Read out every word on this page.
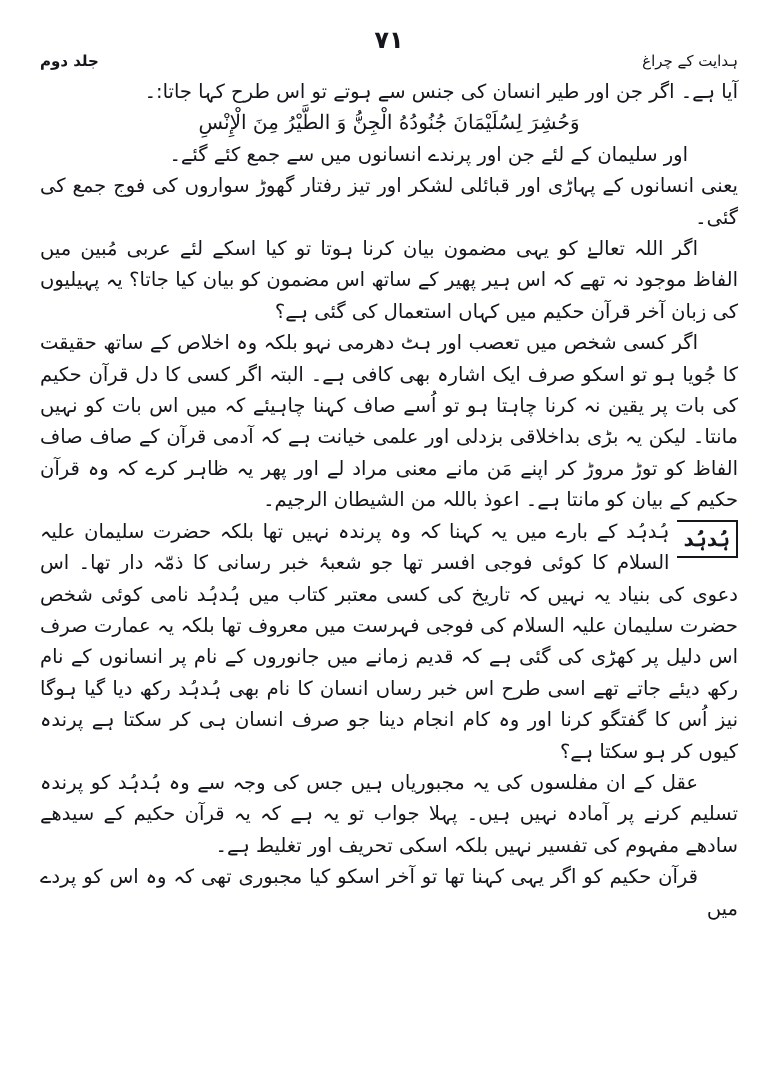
ہدایت کے چراغ
۷۱
جلد دوم

آیا ہے۔ اگر جن اور طیر انسان کی جنس سے ہوتے تو اس طرح کہا جاتا:۔

وَحُشِرَ لِسُلَيْمَانَ جُنُودُهُ الْجِنُّ وَ الطَّيْرُ مِنَ الْإِنْسِ

اور سلیمان کے لئے جن اور پرندے انسانوں میں سے جمع کئے گئے۔

یعنی انسانوں کے پہاڑی اور قبائلی لشکر اور تیز رفتار گھوڑ سواروں کی فوج جمع کی گئی۔

اگر اللہ تعالےٰ کو یہی مضمون بیان کرنا ہوتا تو کیا اسکے لئے عربی مُبین میں الفاظ موجود نہ تھے کہ اس ہیر پھیر کے ساتھ اس مضمون کو بیان کیا جاتا؟ یہ پہیلیوں کی زبان آخر قرآن حکیم میں کہاں استعمال کی گئی ہے؟

اگر کسی شخص میں تعصب اور ہٹ دھرمی نہو بلکہ وہ اخلاص کے ساتھ حقیقت کا جُویا ہو تو اسکو صرف ایک اشارہ بھی کافی ہے۔ البتہ اگر کسی کا دل قرآن حکیم کی بات پر یقین نہ کرنا چاہتا ہو تو اُسے صاف کہنا چاہیئے کہ میں اس بات کو نہیں مانتا۔ لیکن یہ بڑی بداخلاقی بزدلی اور علمی خیانت ہے کہ آدمی قرآن کے صاف صاف الفاظ کو توڑ مروڑ کر اپنے مَن مانے معنی مراد لے اور پھر یہ ظاہر کرے کہ وہ قرآن حکیم کے بیان کو مانتا ہے۔ اعوذ باللہ من الشیطان الرجیم۔

ہُدہُد

ہُدہُد کے بارے میں یہ کہنا کہ وہ پرندہ نہیں تھا بلکہ حضرت سلیمان علیہ السلام کا کوئی فوجی افسر تھا جو شعبۂ خبر رسانی کا ذمّہ دار تھا۔ اس دعوی کی بنیاد یہ نہیں کہ تاریخ کی کسی معتبر کتاب میں ہُدہُد نامی کوئی شخص حضرت سلیمان علیہ السلام کی فوجی فہرست میں معروف تھا بلکہ یہ عمارت صرف اس دلیل پر کھڑی کی گئی ہے کہ قدیم زمانے میں جانوروں کے نام پر انسانوں کے نام رکھ دیئے جاتے تھے اسی طرح اس خبر رساں انسان کا نام بھی ہُدہُد رکھ دیا گیا ہوگا نیز اُس کا گفتگو کرنا اور وہ کام انجام دینا جو صرف انسان ہی کر سکتا ہے پرندہ کیوں کر ہو سکتا ہے؟

عقل کے ان مفلسوں کی یہ مجبوریاں ہیں جس کی وجہ سے وہ ہُدہُد کو پرندہ تسلیم کرنے پر آمادہ نہیں ہیں۔ پہلا جواب تو یہ ہے کہ یہ قرآن حکیم کے سیدھے سادھے مفہوم کی تفسیر نہیں بلکہ اسکی تحریف اور تغلیط ہے۔

قرآن حکیم کو اگر یہی کہنا تھا تو آخر اسکو کیا مجبوری تھی کہ وہ اس کو پردے میں
